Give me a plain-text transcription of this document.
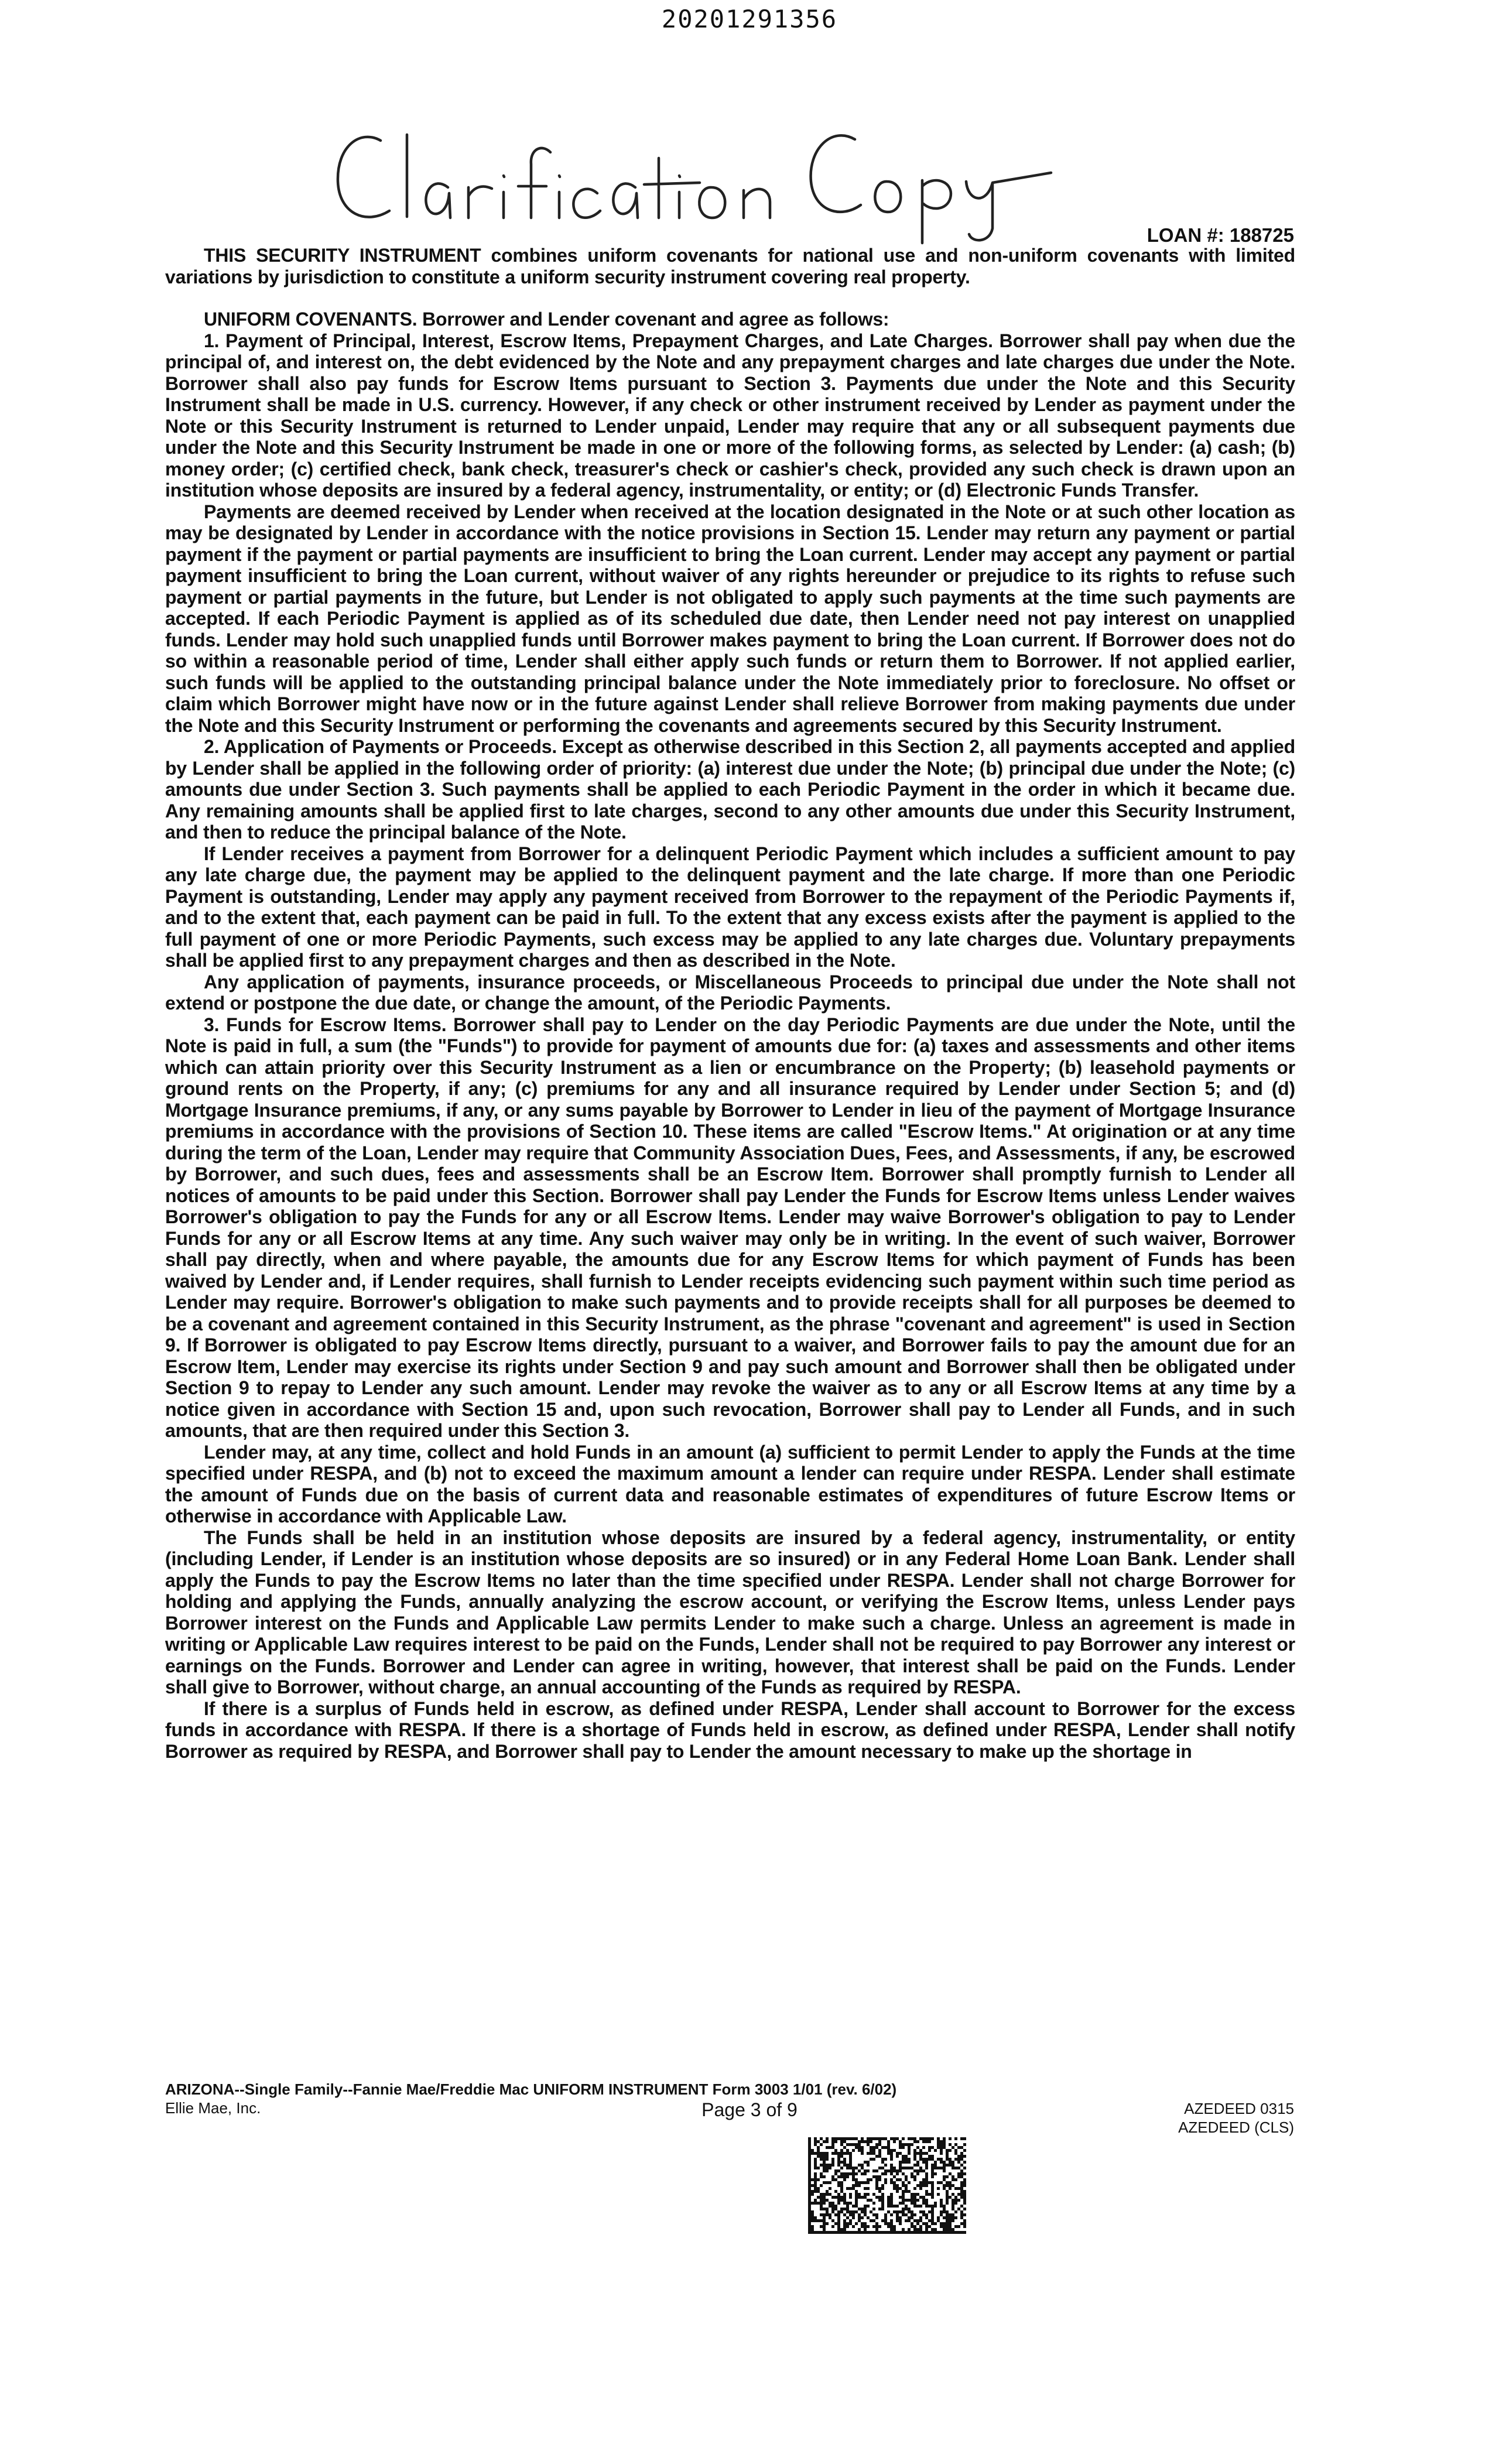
20201291356
LOAN #: 188725

THIS SECURITY INSTRUMENT combines uniform covenants for national use and non-uniform covenants with limited variations by jurisdiction to constitute a uniform security instrument covering real property.

UNIFORM COVENANTS. Borrower and Lender covenant and agree as follows:

1. Payment of Principal, Interest, Escrow Items, Prepayment Charges, and Late Charges. Borrower shall pay when due the principal of, and interest on, the debt evidenced by the Note and any prepayment charges and late charges due under the Note. Borrower shall also pay funds for Escrow Items pursuant to Section 3. Payments due under the Note and this Security Instrument shall be made in U.S. currency. However, if any check or other instrument received by Lender as payment under the Note or this Security Instrument is returned to Lender unpaid, Lender may require that any or all subsequent payments due under the Note and this Security Instrument be made in one or more of the following forms, as selected by Lender: (a) cash; (b) money order; (c) certified check, bank check, treasurer's check or cashier's check, provided any such check is drawn upon an institution whose deposits are insured by a federal agency, instrumentality, or entity; or (d) Electronic Funds Transfer.

Payments are deemed received by Lender when received at the location designated in the Note or at such other location as may be designated by Lender in accordance with the notice provisions in Section 15. Lender may return any payment or partial payment if the payment or partial payments are insufficient to bring the Loan current. Lender may accept any payment or partial payment insufficient to bring the Loan current, without waiver of any rights hereunder or prejudice to its rights to refuse such payment or partial payments in the future, but Lender is not obligated to apply such payments at the time such payments are accepted. If each Periodic Payment is applied as of its scheduled due date, then Lender need not pay interest on unapplied funds. Lender may hold such unapplied funds until Borrower makes payment to bring the Loan current. If Borrower does not do so within a reasonable period of time, Lender shall either apply such funds or return them to Borrower. If not applied earlier, such funds will be applied to the outstanding principal balance under the Note immediately prior to foreclosure. No offset or claim which Borrower might have now or in the future against Lender shall relieve Borrower from making payments due under the Note and this Security Instrument or performing the covenants and agreements secured by this Security Instrument.

2. Application of Payments or Proceeds. Except as otherwise described in this Section 2, all payments accepted and applied by Lender shall be applied in the following order of priority: (a) interest due under the Note; (b) principal due under the Note; (c) amounts due under Section 3. Such payments shall be applied to each Periodic Payment in the order in which it became due. Any remaining amounts shall be applied first to late charges, second to any other amounts due under this Security Instrument, and then to reduce the principal balance of the Note.

If Lender receives a payment from Borrower for a delinquent Periodic Payment which includes a sufficient amount to pay any late charge due, the payment may be applied to the delinquent payment and the late charge. If more than one Periodic Payment is outstanding, Lender may apply any payment received from Borrower to the repayment of the Periodic Payments if, and to the extent that, each payment can be paid in full. To the extent that any excess exists after the payment is applied to the full payment of one or more Periodic Payments, such excess may be applied to any late charges due. Voluntary prepayments shall be applied first to any prepayment charges and then as described in the Note.

Any application of payments, insurance proceeds, or Miscellaneous Proceeds to principal due under the Note shall not extend or postpone the due date, or change the amount, of the Periodic Payments.

3. Funds for Escrow Items. Borrower shall pay to Lender on the day Periodic Payments are due under the Note, until the Note is paid in full, a sum (the "Funds") to provide for payment of amounts due for: (a) taxes and assessments and other items which can attain priority over this Security Instrument as a lien or encumbrance on the Property; (b) leasehold payments or ground rents on the Property, if any; (c) premiums for any and all insurance required by Lender under Section 5; and (d) Mortgage Insurance premiums, if any, or any sums payable by Borrower to Lender in lieu of the payment of Mortgage Insurance premiums in accordance with the provisions of Section 10. These items are called "Escrow Items." At origination or at any time during the term of the Loan, Lender may require that Community Association Dues, Fees, and Assessments, if any, be escrowed by Borrower, and such dues, fees and assessments shall be an Escrow Item. Borrower shall promptly furnish to Lender all notices of amounts to be paid under this Section. Borrower shall pay Lender the Funds for Escrow Items unless Lender waives Borrower's obligation to pay the Funds for any or all Escrow Items. Lender may waive Borrower's obligation to pay to Lender Funds for any or all Escrow Items at any time. Any such waiver may only be in writing. In the event of such waiver, Borrower shall pay directly, when and where payable, the amounts due for any Escrow Items for which payment of Funds has been waived by Lender and, if Lender requires, shall furnish to Lender receipts evidencing such payment within such time period as Lender may require. Borrower's obligation to make such payments and to provide receipts shall for all purposes be deemed to be a covenant and agreement contained in this Security Instrument, as the phrase "covenant and agreement" is used in Section 9. If Borrower is obligated to pay Escrow Items directly, pursuant to a waiver, and Borrower fails to pay the amount due for an Escrow Item, Lender may exercise its rights under Section 9 and pay such amount and Borrower shall then be obligated under Section 9 to repay to Lender any such amount. Lender may revoke the waiver as to any or all Escrow Items at any time by a notice given in accordance with Section 15 and, upon such revocation, Borrower shall pay to Lender all Funds, and in such amounts, that are then required under this Section 3.

Lender may, at any time, collect and hold Funds in an amount (a) sufficient to permit Lender to apply the Funds at the time specified under RESPA, and (b) not to exceed the maximum amount a lender can require under RESPA. Lender shall estimate the amount of Funds due on the basis of current data and reasonable estimates of expenditures of future Escrow Items or otherwise in accordance with Applicable Law.

The Funds shall be held in an institution whose deposits are insured by a federal agency, instrumentality, or entity (including Lender, if Lender is an institution whose deposits are so insured) or in any Federal Home Loan Bank. Lender shall apply the Funds to pay the Escrow Items no later than the time specified under RESPA. Lender shall not charge Borrower for holding and applying the Funds, annually analyzing the escrow account, or verifying the Escrow Items, unless Lender pays Borrower interest on the Funds and Applicable Law permits Lender to make such a charge. Unless an agreement is made in writing or Applicable Law requires interest to be paid on the Funds, Lender shall not be required to pay Borrower any interest or earnings on the Funds. Borrower and Lender can agree in writing, however, that interest shall be paid on the Funds. Lender shall give to Borrower, without charge, an annual accounting of the Funds as required by RESPA.

If there is a surplus of Funds held in escrow, as defined under RESPA, Lender shall account to Borrower for the excess funds in accordance with RESPA. If there is a shortage of Funds held in escrow, as defined under RESPA, Lender shall notify Borrower as required by RESPA, and Borrower shall pay to Lender the amount necessary to make up the shortage in

ARIZONA--Single Family--Fannie Mae/Freddie Mac UNIFORM INSTRUMENT Form 3003 1/01 (rev. 6/02)
Ellie Mae, Inc.	Page 3 of 9	AZEDEED 0315
AZEDEED (CLS)
